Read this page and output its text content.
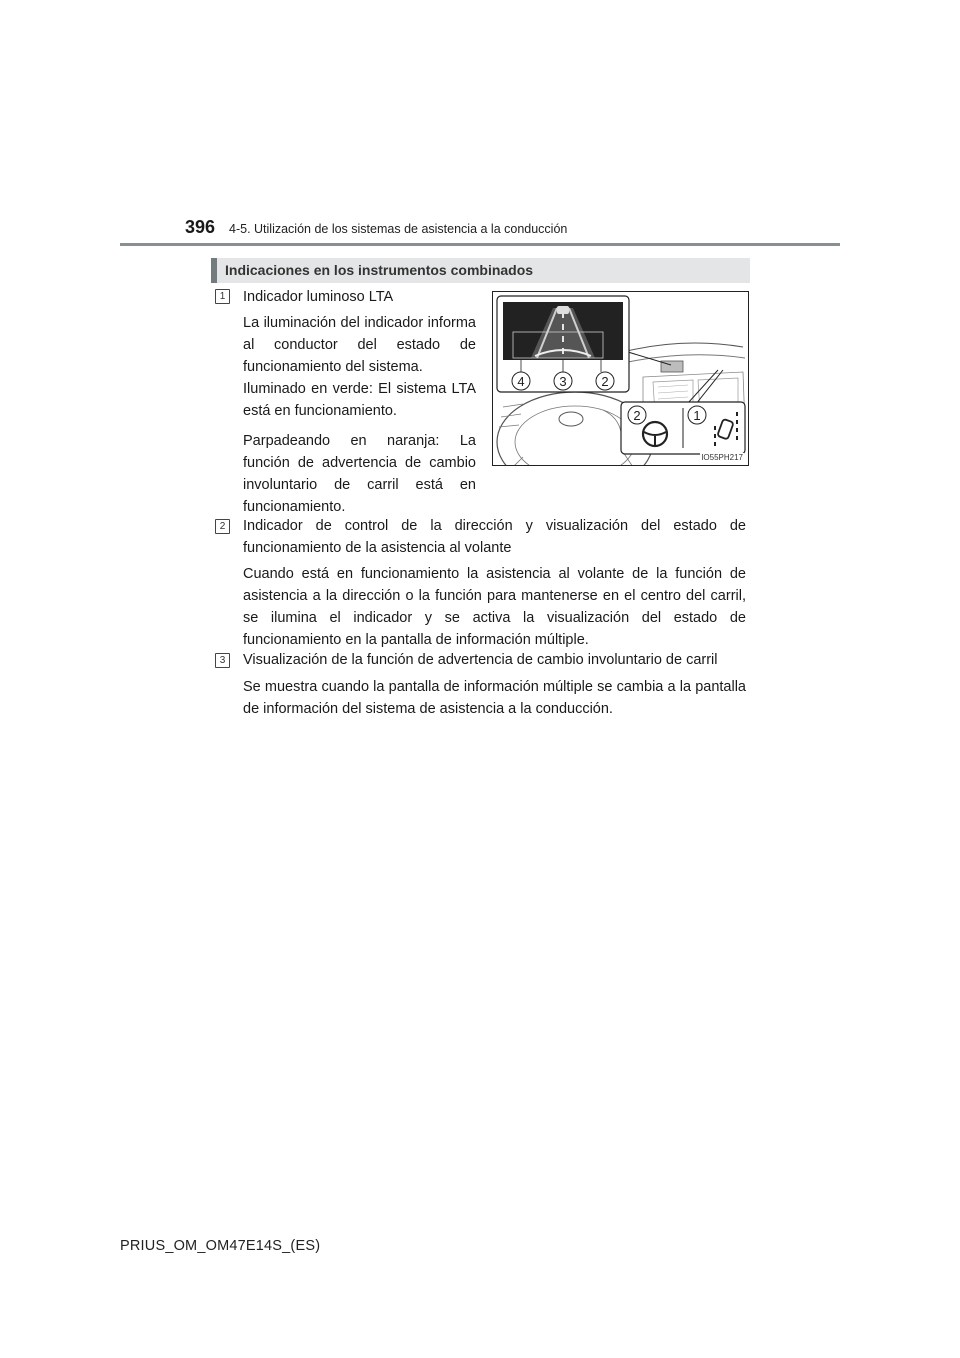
396 4-5. Utilización de los sistemas de asistencia a la conducción
Indicaciones en los instrumentos combinados
1	Indicador luminoso LTA
La iluminación del indicador informa al conductor del estado de funcionamiento del sistema.
Iluminado en verde: El sistema LTA está en funcionamiento.
Parpadeando en naranja: La función de advertencia de cambio involuntario de carril está en funcionamiento.
4	3	2
2	1
IO55PH217
2	Indicador de control de la dirección y visualización del estado de funcionamiento de la asistencia al volante
Cuando está en funcionamiento la asistencia al volante de la función de asistencia a la dirección o la función para mantenerse en el centro del carril, se ilumina el indicador y se activa la visualización del estado de funcionamiento en la pantalla de información múltiple.
3	Visualización de la función de advertencia de cambio involuntario de carril
Se muestra cuando la pantalla de información múltiple se cambia a la pantalla de información del sistema de asistencia a la conducción.
PRIUS_OM_OM47E14S_(ES)
